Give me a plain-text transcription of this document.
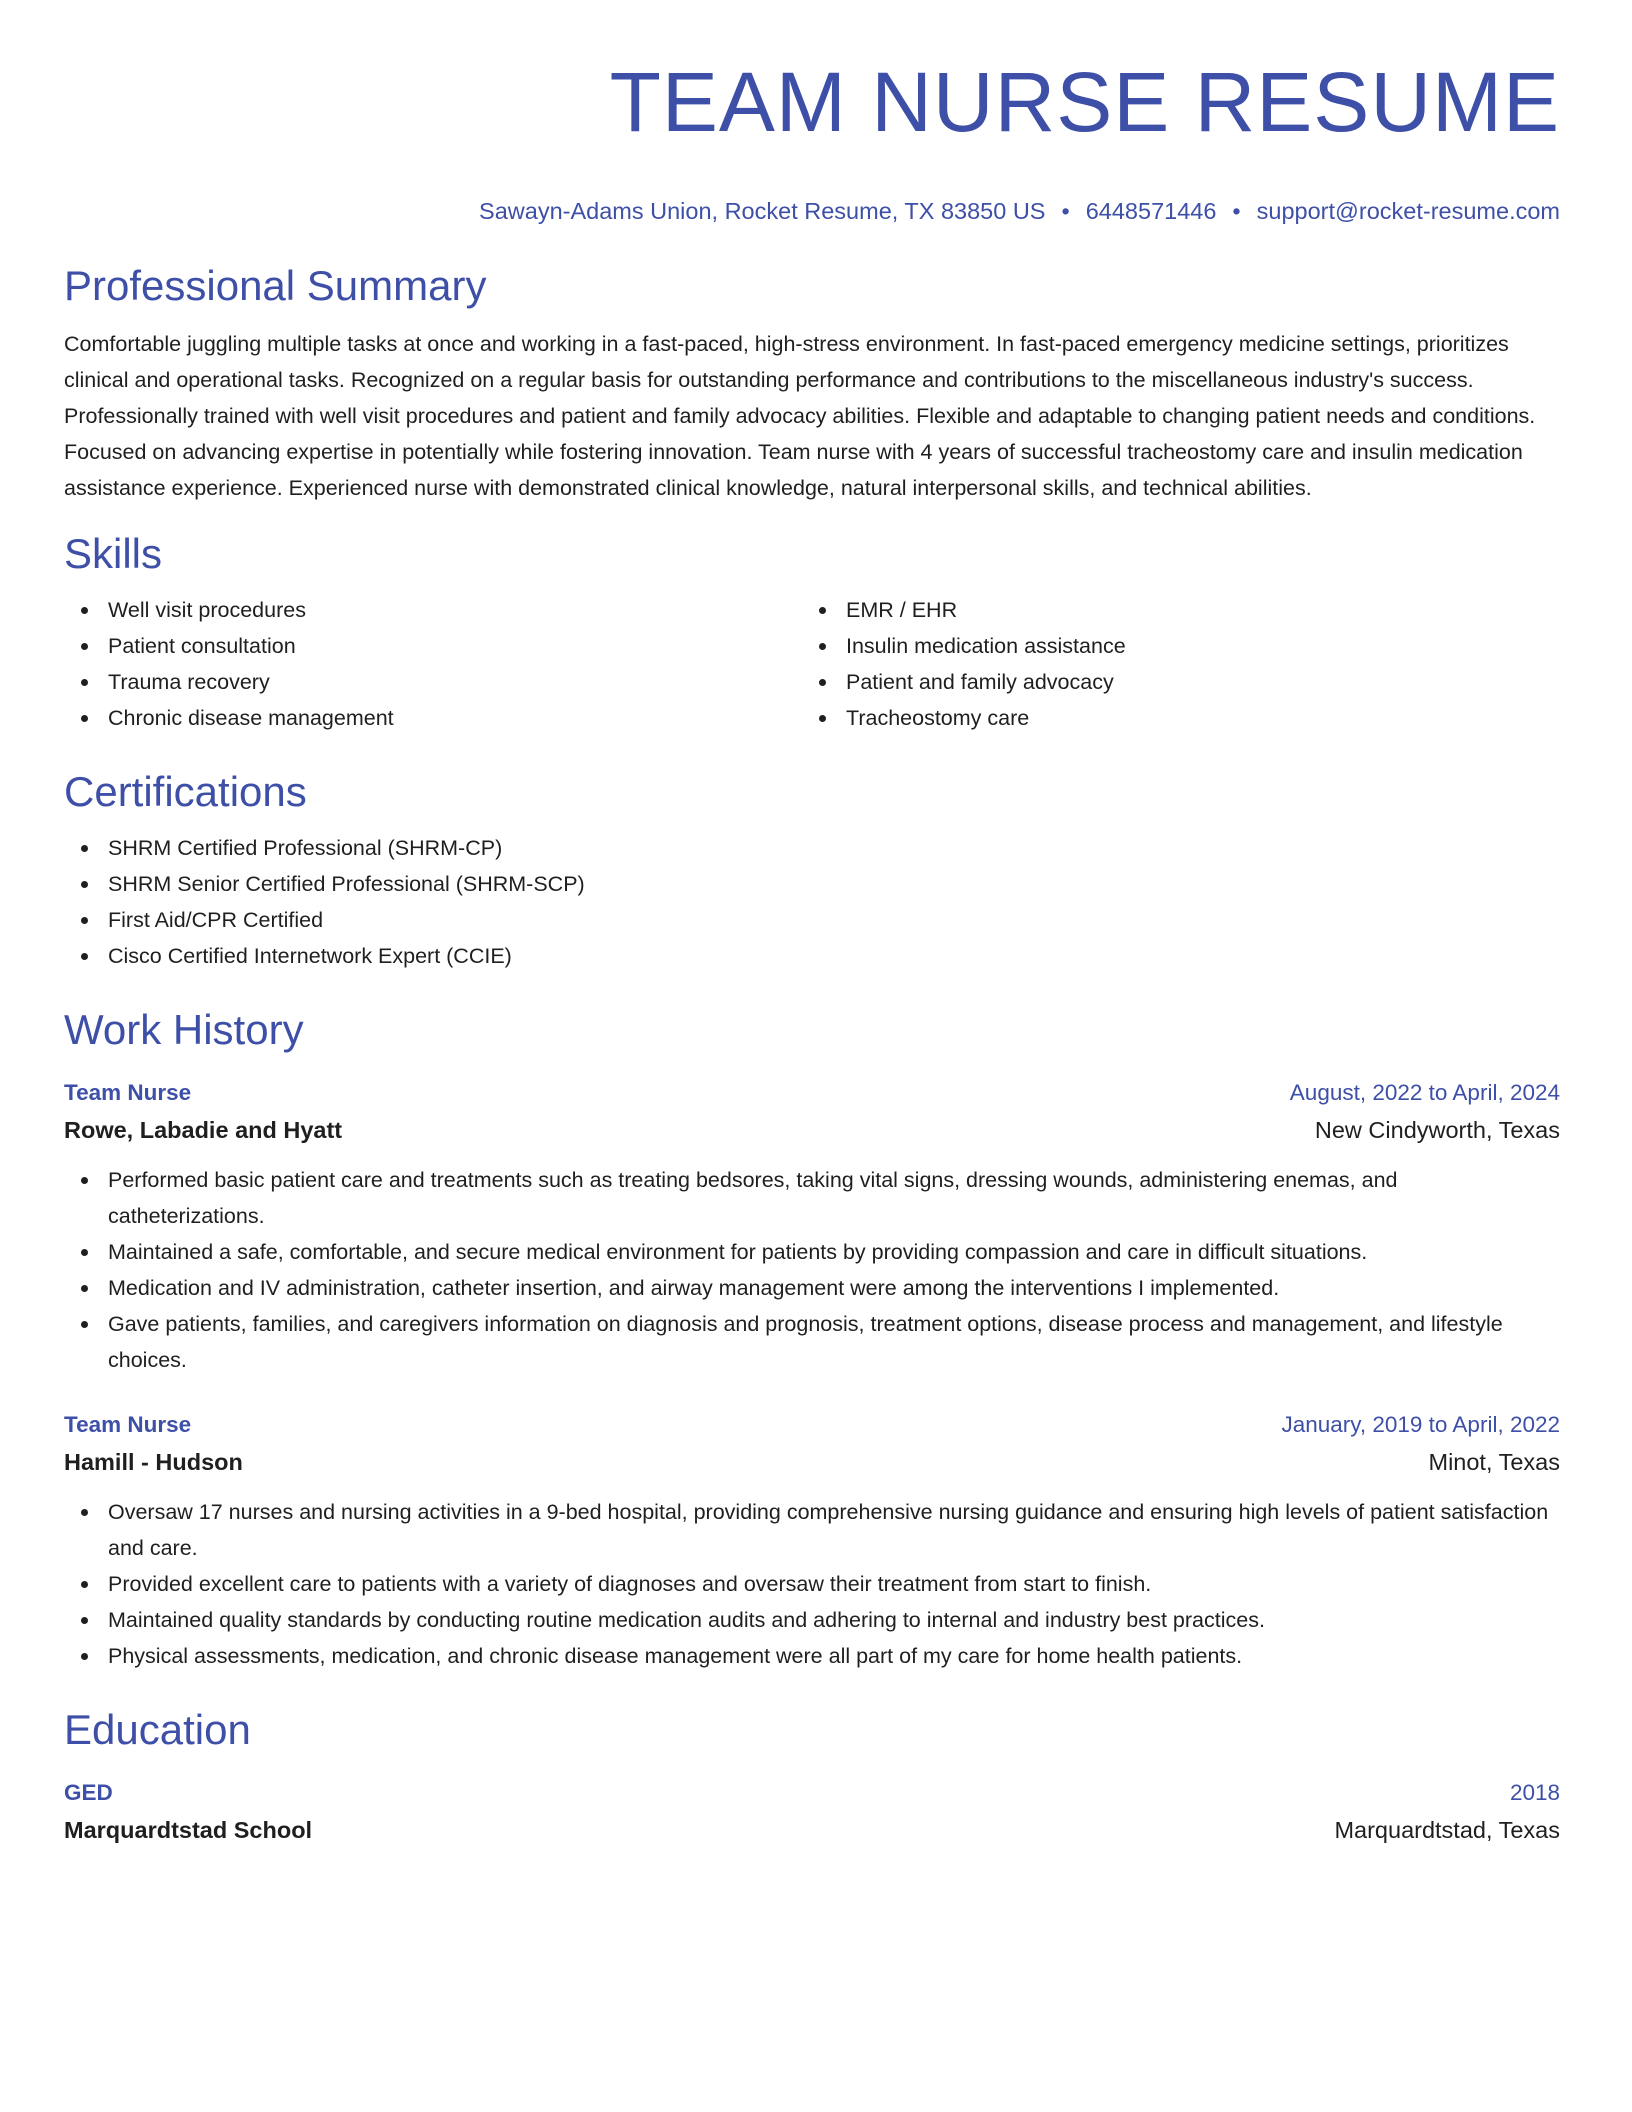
TEAM NURSE RESUME
Sawayn-Adams Union, Rocket Resume, TX 83850 US • 6448571446 • support@rocket-resume.com
Professional Summary

Comfortable juggling multiple tasks at once and working in a fast-paced, high-stress environment. In fast-paced emergency medicine settings, prioritizes clinical and operational tasks. Recognized on a regular basis for outstanding performance and contributions to the miscellaneous industry's success. Professionally trained with well visit procedures and patient and family advocacy abilities. Flexible and adaptable to changing patient needs and conditions. Focused on advancing expertise in potentially while fostering innovation. Team nurse with 4 years of successful tracheostomy care and insulin medication assistance experience. Experienced nurse with demonstrated clinical knowledge, natural interpersonal skills, and technical abilities.

Skills
Well visit procedures
Patient consultation
Trauma recovery
Chronic disease management
EMR / EHR
Insulin medication assistance
Patient and family advocacy
Tracheostomy care
Certifications
SHRM Certified Professional (SHRM-CP)
SHRM Senior Certified Professional (SHRM-SCP)
First Aid/CPR Certified
Cisco Certified Internetwork Expert (CCIE)
Work History
Team Nurse	August, 2022 to April, 2024
Rowe, Labadie and Hyatt	New Cindyworth, Texas
Performed basic patient care and treatments such as treating bedsores, taking vital signs, dressing wounds, administering enemas, and catheterizations.
Maintained a safe, comfortable, and secure medical environment for patients by providing compassion and care in difficult situations.
Medication and IV administration, catheter insertion, and airway management were among the interventions I implemented.
Gave patients, families, and caregivers information on diagnosis and prognosis, treatment options, disease process and management, and lifestyle choices.
Team Nurse	January, 2019 to April, 2022
Hamill - Hudson	Minot, Texas
Oversaw 17 nurses and nursing activities in a 9-bed hospital, providing comprehensive nursing guidance and ensuring high levels of patient satisfaction and care.
Provided excellent care to patients with a variety of diagnoses and oversaw their treatment from start to finish.
Maintained quality standards by conducting routine medication audits and adhering to internal and industry best practices.
Physical assessments, medication, and chronic disease management were all part of my care for home health patients.
Education
GED	2018
Marquardtstad School	Marquardtstad, Texas
